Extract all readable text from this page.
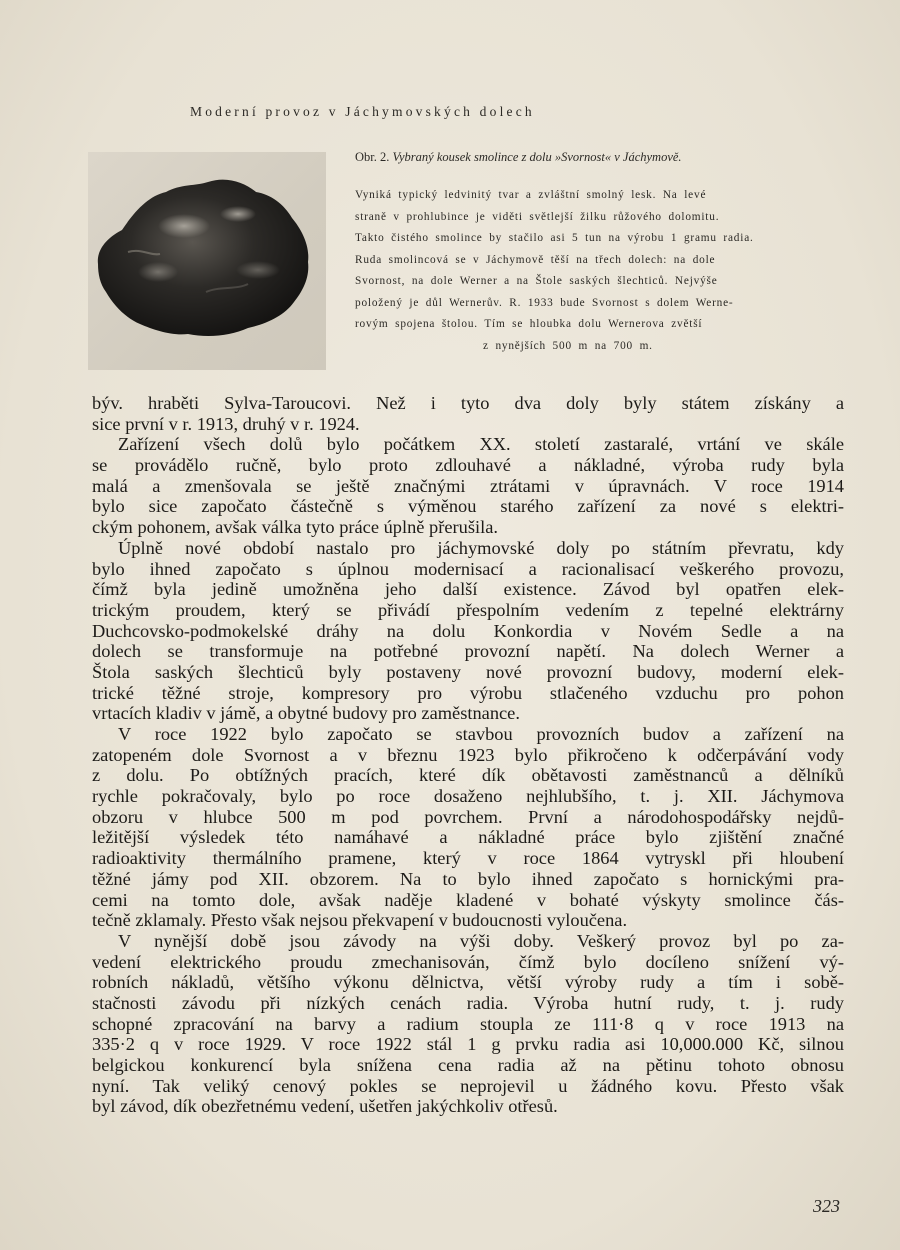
Moderní provoz v Jáchymovských dolech
Obr. 2. Vybraný kousek smolince z dolu »Svornost« v Jáchymově.
Vyniká typický ledvinitý tvar a zvláštní smolný lesk. Na levé
straně v prohlubince je viděti světlejší žilku růžového dolomitu.
Takto čistého smolince by stačilo asi 5 tun na výrobu 1 gramu radia.
Ruda smolincová se v Jáchymově těší na třech dolech: na dole
Svornost, na dole Werner a na Štole saských šlechticů. Nejvýše
položený je důl Wernerův. R. 1933 bude Svornost s dolem Werne-
rovým spojena štolou. Tím se hloubka dolu Wernerova zvětší
z nynějších 500 m na 700 m.
býv. hraběti Sylva-Taroucovi. Než i tyto dva doly byly státem získány a
sice první v r. 1913, druhý v r. 1924.
Zařízení všech dolů bylo počátkem XX. století zastaralé, vrtání ve skále
se provádělo ručně, bylo proto zdlouhavé a nákladné, výroba rudy byla
malá a zmenšovala se ještě značnými ztrátami v úpravnách. V roce 1914
bylo sice započato částečně s výměnou starého zařízení za nové s elektri-
ckým pohonem, avšak válka tyto práce úplně přerušila.
Úplně nové období nastalo pro jáchymovské doly po státním převratu, kdy
bylo ihned započato s úplnou modernisací a racionalisací veškerého provozu,
čímž byla jedině umožněna jeho další existence. Závod byl opatřen elek-
trickým proudem, který se přivádí přespolním vedením z tepelné elektrárny
Duchcovsko-podmokelské dráhy na dolu Konkordia v Novém Sedle a na
dolech se transformuje na potřebné provozní napětí. Na dolech Werner a
Štola saských šlechticů byly postaveny nové provozní budovy, moderní elek-
trické těžné stroje, kompresory pro výrobu stlačeného vzduchu pro pohon
vrtacích kladiv v jámě, a obytné budovy pro zaměstnance.
V roce 1922 bylo započato se stavbou provozních budov a zařízení na
zatopeném dole Svornost a v březnu 1923 bylo přikročeno k odčerpávání vody
z dolu. Po obtížných pracích, které dík obětavosti zaměstnanců a dělníků
rychle pokračovaly, bylo po roce dosaženo nejhlubšího, t. j. XII. Jáchymova
obzoru v hlubce 500 m pod povrchem. První a národohospodářsky nejdů-
ležitější výsledek této namáhavé a nákladné práce bylo zjištění značné
radioaktivity thermálního pramene, který v roce 1864 vytryskl při hloubení
těžné jámy pod XII. obzorem. Na to bylo ihned započato s hornickými pra-
cemi na tomto dole, avšak naděje kladené v bohaté výskyty smolince čás-
tečně zklamaly. Přesto však nejsou překvapení v budoucnosti vyloučena.
V nynější době jsou závody na výši doby. Veškerý provoz byl po za-
vedení elektrického proudu zmechanisován, čímž bylo docíleno snížení vý-
robních nákladů, většího výkonu dělnictva, větší výroby rudy a tím i sobě-
stačnosti závodu při nízkých cenách radia. Výroba hutní rudy, t. j. rudy
schopné zpracování na barvy a radium stoupla ze 111·8 q v roce 1913 na
335·2 q v roce 1929. V roce 1922 stál 1 g prvku radia asi 10,000.000 Kč, silnou
belgickou konkurencí byla snížena cena radia až na pětinu tohoto obnosu
nyní. Tak veliký cenový pokles se neprojevil u žádného kovu. Přesto však
byl závod, dík obezřetnému vedení, ušetřen jakýchkoliv otřesů.
323
